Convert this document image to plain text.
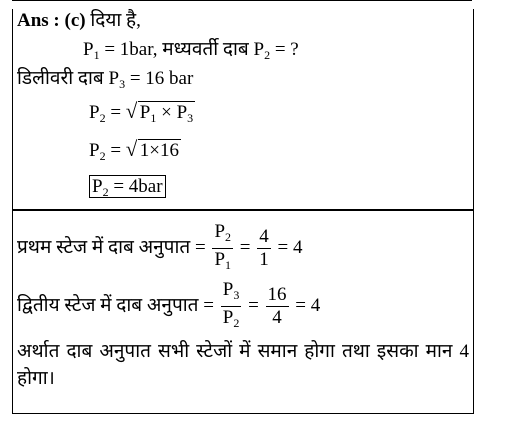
Ans : (c) दिया है,
$P_1 = 1bar$, मध्यवर्ती दाब $P_2$ = ?
डिलीवरी दाब $P_3 = 16$ bar
$P_2$ = √ $P_1 \times P_3$
$P_2$ = √ 1×16
$P_2 = 4bar$
प्रथम स्टेज में दाब अनुपात = $\frac{P_2}{P_1} = \frac{4}{1} = 4$
द्वितीय स्टेज में दाब अनुपात = $\frac{P_3}{P_2} = \frac{16}{4} = 4$
अर्थात दाब अनुपात सभी स्टेजों में समान होगा तथा इसका मान 4 होगा।
